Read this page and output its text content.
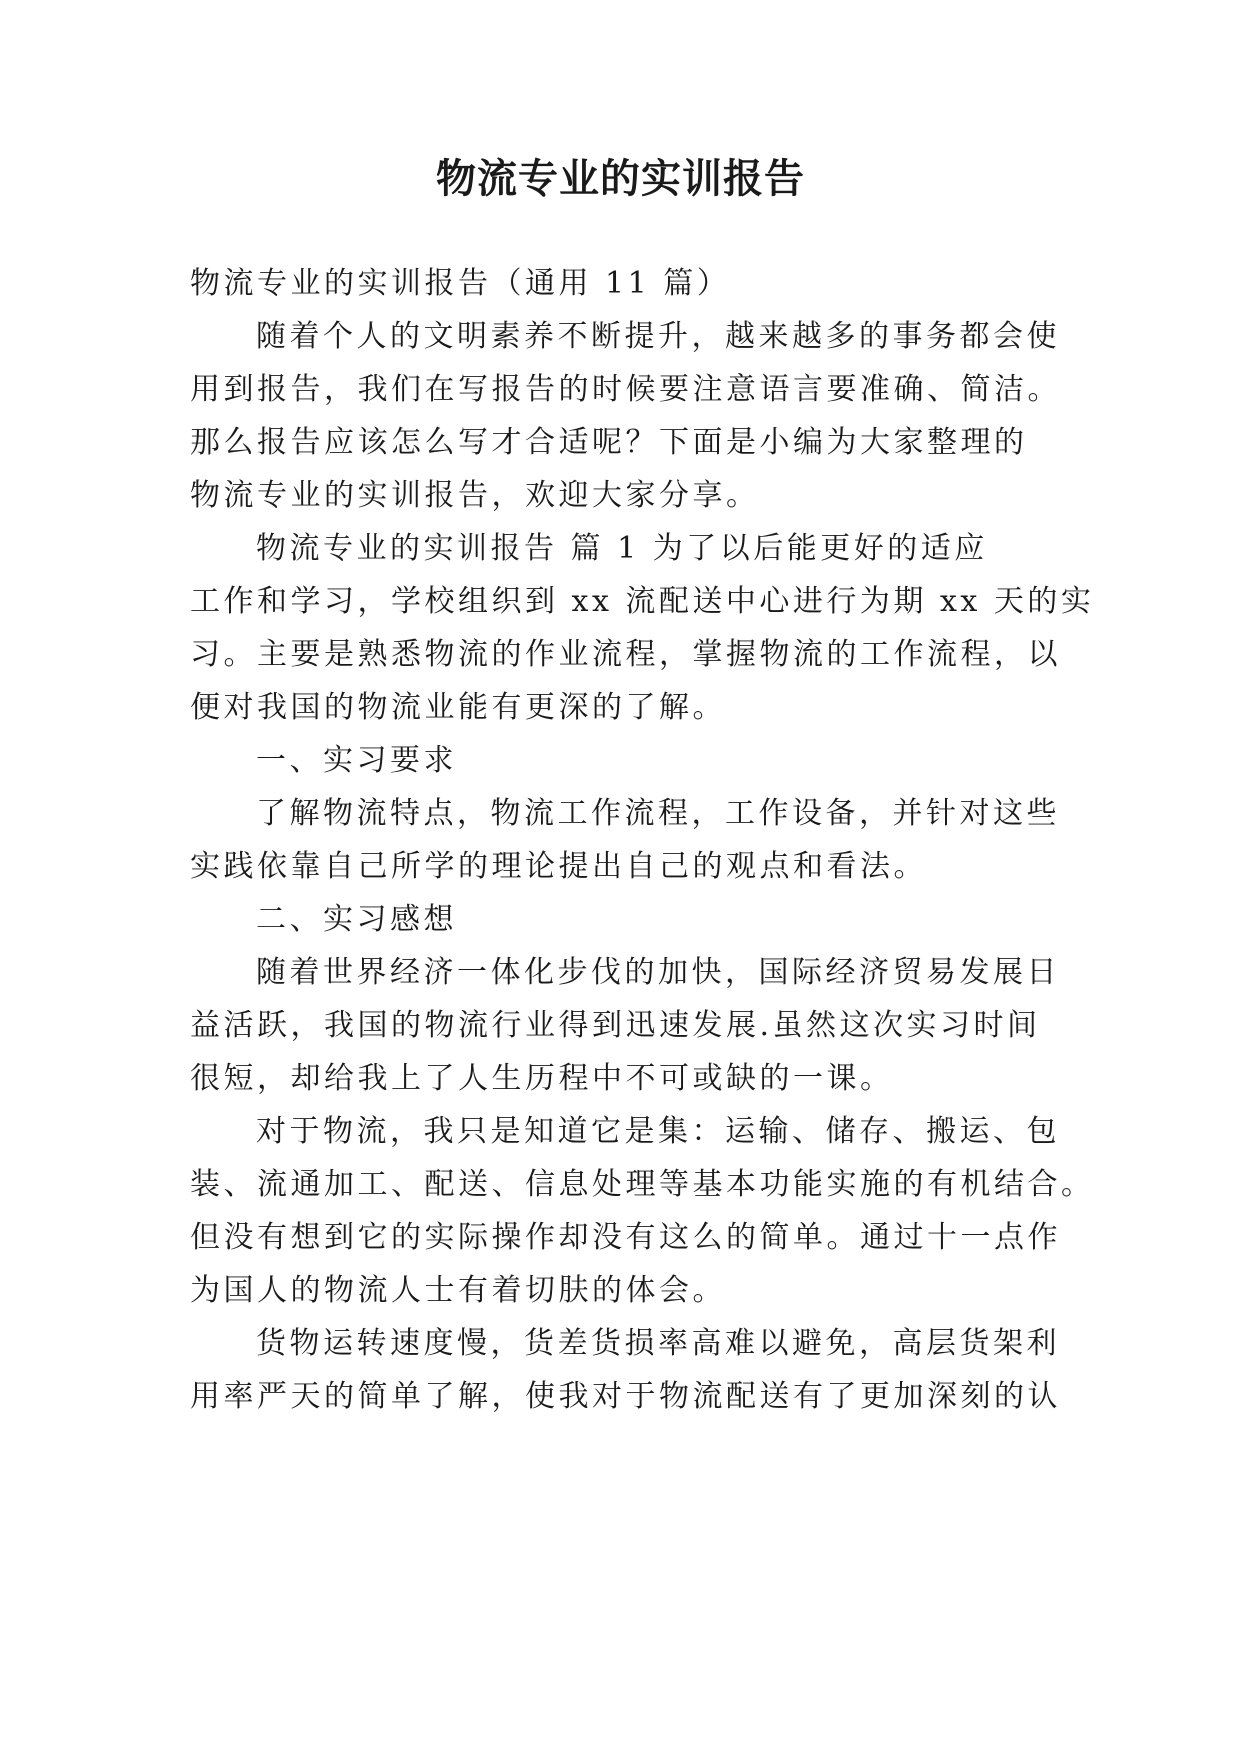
物流专业的实训报告
物流专业的实训报告（通用 11 篇）
随着个人的文明素养不断提升，越来越多的事务都会使
用到报告，我们在写报告的时候要注意语言要准确、简洁。
那么报告应该怎么写才合适呢？下面是小编为大家整理的
物流专业的实训报告，欢迎大家分享。
物流专业的实训报告 篇 1 为了以后能更好的适应
工作和学习，学校组织到 xx 流配送中心进行为期 xx 天的实
习。主要是熟悉物流的作业流程，掌握物流的工作流程，以
便对我国的物流业能有更深的了解。
一、实习要求
了解物流特点，物流工作流程，工作设备，并针对这些
实践依靠自己所学的理论提出自己的观点和看法。
二、实习感想
随着世界经济一体化步伐的加快，国际经济贸易发展日
益活跃，我国的物流行业得到迅速发展.虽然这次实习时间
很短，却给我上了人生历程中不可或缺的一课。
对于物流，我只是知道它是集：运输、储存、搬运、包
装、流通加工、配送、信息处理等基本功能实施的有机结合。
但没有想到它的实际操作却没有这么的简单。通过十一点作
为国人的物流人士有着切肤的体会。
货物运转速度慢，货差货损率高难以避免，高层货架利
用率严天的简单了解，使我对于物流配送有了更加深刻的认
